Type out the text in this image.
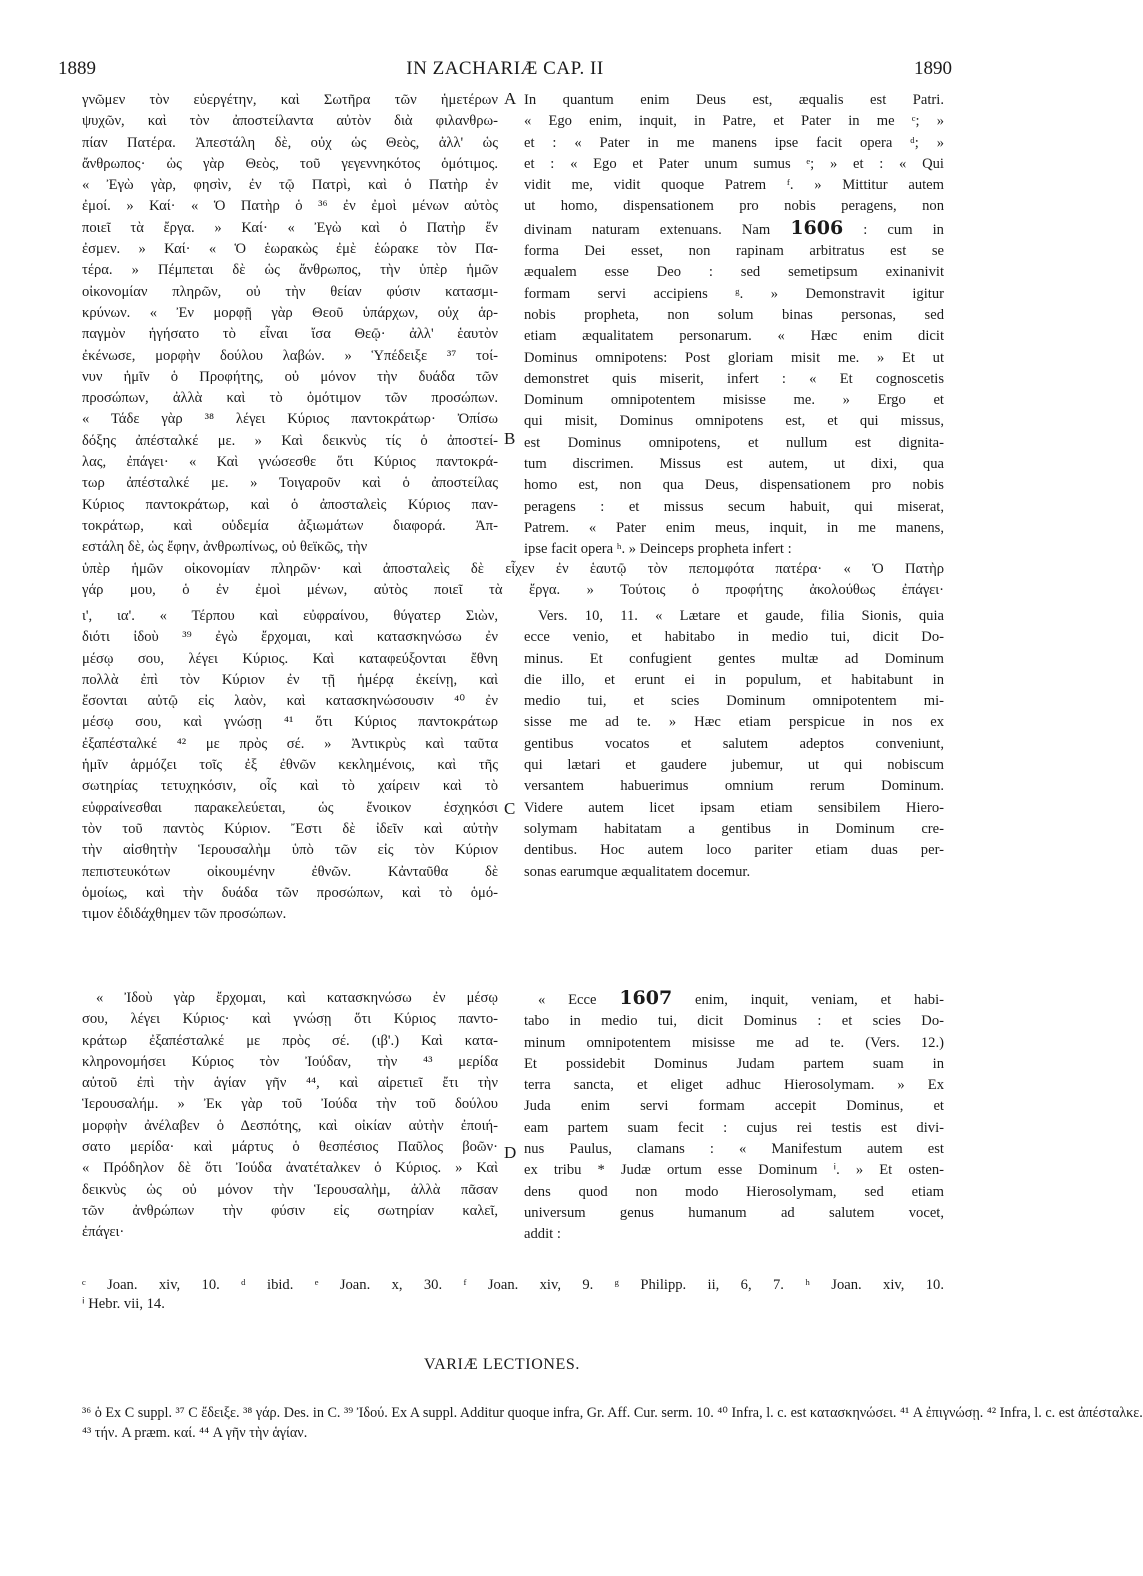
1889	IN ZACHARIÆ CAP. II	1890
A
B
C
D

γνῶμεν τὸν εὐεργέτην, καὶ Σωτῆρα τῶν ἡμετέρων

ψυχῶν, καὶ τὸν ἀποστείλαντα αὐτὸν διὰ φιλανθρω-

πίαν Πατέρα. Ἀπεστάλη δὲ, οὐχ ὡς Θεὸς, ἀλλ' ὡς

ἄνθρωπος· ὡς γὰρ Θεὸς, τοῦ γεγεννηκότος ὁμότιμος.

« Ἐγὼ γὰρ, φησὶν, ἐν τῷ Πατρὶ, καὶ ὁ Πατὴρ ἐν

ἐμοί. » Καί· « Ὁ Πατὴρ ὁ ³⁶ ἐν ἐμοὶ μένων αὐτὸς

ποιεῖ τὰ ἔργα. » Καί· « Ἐγὼ καὶ ὁ Πατὴρ ἕν

ἐσμεν. » Καί· « Ὁ ἑωρακὼς ἐμὲ ἑώρακε τὸν Πα-

τέρα. » Πέμπεται δὲ ὡς ἄνθρωπος, τὴν ὑπὲρ ἡμῶν

οἰκονομίαν πληρῶν, οὐ τὴν θείαν φύσιν κατασμι-

κρύνων. « Ἐν μορφῇ γὰρ Θεοῦ ὑπάρχων, οὐχ ἁρ-

παγμὸν ἡγήσατο τὸ εἶναι ἴσα Θεῷ· ἀλλ' ἑαυτὸν

ἐκένωσε, μορφὴν δούλου λαβών. » Ὑπέδειξε ³⁷ τοί-

νυν ἡμῖν ὁ Προφήτης, οὐ μόνον τὴν δυάδα τῶν

προσώπων, ἀλλὰ καὶ τὸ ὁμότιμον τῶν προσώπων.

« Τάδε γὰρ ³⁸ λέγει Κύριος παντοκράτωρ· Ὀπίσω

δόξης ἀπέσταλκέ με. » Καὶ δεικνὺς τίς ὁ ἀποστεί-

λας, ἐπάγει· « Καὶ γνώσεσθε ὅτι Κύριος παντοκρά-

τωρ ἀπέσταλκέ με. » Τοιγαροῦν καὶ ὁ ἀποστείλας

Κύριος παντοκράτωρ, καὶ ὁ ἀποσταλεὶς Κύριος παν-

τοκράτωρ, καὶ οὐδεμία ἀξιωμάτων διαφορά. Ἀπ-

εστάλη δὲ, ὡς ἔφην, ἀνθρωπίνως, οὐ θεϊκῶς, τὴν

In quantum enim Deus est, æqualis est Patri.

« Ego enim, inquit, in Patre, et Pater in me ᶜ; »

et : « Pater in me manens ipse facit opera ᵈ; »

et : « Ego et Pater unum sumus ᵉ; » et : « Qui

vidit me, vidit quoque Patrem ᶠ. » Mittitur autem

ut homo, dispensationem pro nobis peragens, non

divinam naturam extenuans. Nam 1606 : cum in

forma Dei esset, non rapinam arbitratus est se

æqualem esse Deo : sed semetipsum exinanivit

formam servi accipiens ᵍ. » Demonstravit igitur

nobis propheta, non solum binas personas, sed

etiam æqualitatem personarum. « Hæc enim dicit

Dominus omnipotens: Post gloriam misit me. » Et ut

demonstret quis miserit, infert : « Et cognoscetis

Dominum omnipotentem misisse me. » Ergo et

qui misit, Dominus omnipotens est, et qui missus,

est Dominus omnipotens, et nullum est dignita-

tum discrimen. Missus est autem, ut dixi, qua

homo est, non qua Deus, dispensationem pro nobis

peragens : et missus secum habuit, qui miserat,

Patrem. « Pater enim meus, inquit, in me manens,

ipse facit opera ʰ. » Deinceps propheta infert :

ὑπὲρ ἡμῶν οἰκονομίαν πληρῶν· καὶ ἀποσταλεὶς δὲ εἶχεν ἐν ἑαυτῷ τὸν πεπομφότα πατέρα· « Ὁ Πατὴρ

γάρ μου, ὁ ἐν ἐμοὶ μένων, αὐτὸς ποιεῖ τὰ ἔργα. » Τούτοις ὁ προφήτης ἀκολούθως ἐπάγει·

ι', ια'. « Τέρπου καὶ εὐφραίνου, θύγατερ Σιὼν,

διότι ἰδοὺ ³⁹ ἐγὼ ἔρχομαι, καὶ κατασκηνώσω ἐν

μέσῳ σου, λέγει Κύριος. Καὶ καταφεύξονται ἔθνη

πολλὰ ἐπὶ τὸν Κύριον ἐν τῇ ἡμέρᾳ ἐκείνῃ, καὶ

ἔσονται αὐτῷ εἰς λαὸν, καὶ κατασκηνώσουσιν ⁴⁰ ἐν

μέσῳ σου, καὶ γνώσῃ ⁴¹ ὅτι Κύριος παντοκράτωρ

ἐξαπέσταλκέ ⁴² με πρὸς σέ. » Ἀντικρὺς καὶ ταῦτα

ἡμῖν ἁρμόζει τοῖς ἐξ ἐθνῶν κεκλημένοις, καὶ τῆς

σωτηρίας τετυχηκόσιν, οἷς καὶ τὸ χαίρειν καὶ τὸ

εὐφραίνεσθαι παρακελεύεται, ὡς ἔνοικον ἐσχηκόσι

τὸν τοῦ παντὸς Κύριον. Ἔστι δὲ ἰδεῖν καὶ αὐτὴν

τὴν αἰσθητὴν Ἱερουσαλὴμ ὑπὸ τῶν εἰς τὸν Κύριον

πεπιστευκότων οἰκουμένην ἐθνῶν. Κἀνταῦθα δὲ

ὁμοίως, καὶ τὴν δυάδα τῶν προσώπων, καὶ τὸ ὁμό-

τιμον ἐδιδάχθημεν τῶν προσώπων.

Vers. 10, 11. « Lætare et gaude, filia Sionis, quia

ecce venio, et habitabo in medio tui, dicit Do-

minus. Et confugient gentes multæ ad Dominum

die illo, et erunt ei in populum, et habitabunt in

medio tui, et scies Dominum omnipotentem mi-

sisse me ad te. » Hæc etiam perspicue in nos ex

gentibus vocatos et salutem adeptos conveniunt,

qui lætari et gaudere jubemur, ut qui nobiscum

versantem habuerimus omnium rerum Dominum.

Videre autem licet ipsam etiam sensibilem Hiero-

solymam habitatam a gentibus in Dominum cre-

dentibus. Hoc autem loco pariter etiam duas per-

sonas earumque æqualitatem docemur.

« Ἰδοὺ γὰρ ἔρχομαι, καὶ κατασκηνώσω ἐν μέσῳ

σου, λέγει Κύριος· καὶ γνώσῃ ὅτι Κύριος παντο-

κράτωρ ἐξαπέσταλκέ με πρὸς σέ. (ιβ'.) Καὶ κατα-

κληρονομήσει Κύριος τὸν Ἰούδαν, τὴν ⁴³ μερίδα

αὐτοῦ ἐπὶ τὴν ἁγίαν γῆν ⁴⁴, καὶ αἱρετιεῖ ἔτι τὴν

Ἱερουσαλήμ. » Ἐκ γὰρ τοῦ Ἰούδα τὴν τοῦ δούλου

μορφὴν ἀνέλαβεν ὁ Δεσπότης, καὶ οἰκίαν αὐτὴν ἐποιή-

σατο μερίδα· καὶ μάρτυς ὁ θεσπέσιος Παῦλος βοῶν·

« Πρόδηλον δὲ ὅτι Ἰούδα ἀνατέταλκεν ὁ Κύριος. » Καὶ

δεικνὺς ὡς οὐ μόνον τὴν Ἱερουσαλὴμ, ἀλλὰ πᾶσαν

τῶν ἀνθρώπων τὴν φύσιν εἰς σωτηρίαν καλεῖ,

ἐπάγει·

« Ecce 1607 enim, inquit, veniam, et habi-

tabo in medio tui, dicit Dominus : et scies Do-

minum omnipotentem misisse me ad te. (Vers. 12.)

Et possidebit Dominus Judam partem suam in

terra sancta, et eliget adhuc Hierosolymam. » Ex

Juda enim servi formam accepit Dominus, et

eam partem suam fecit : cujus rei testis est divi-

nus Paulus, clamans : « Manifestum autem est

ex tribu * Judæ ortum esse Dominum ⁱ. » Et osten-

dens quod non modo Hierosolymam, sed etiam

universum genus humanum ad salutem vocet,

addit :

ᶜ Joan. xiv, 10. ᵈ ibid. ᵉ Joan. x, 30. ᶠ Joan. xiv, 9. ᵍ Philipp. ii, 6, 7. ʰ Joan. xiv, 10.

ⁱ Hebr. vii, 14.

VARIÆ LECTIONES.

³⁶ ὁ Ex C suppl. ³⁷ C ἔδειξε. ³⁸ γάρ. Des. in C. ³⁹ Ἰδού. Ex A suppl. Additur quoque infra, Gr. Aff. Cur. serm. 10. ⁴⁰ Infra, l. c. est κατασκηνώσει. ⁴¹ A ἐπιγνώσῃ. ⁴² Infra, l. c. est ἀπέσταλκε.

⁴³ τήν. A præm. καί. ⁴⁴ A γῆν τὴν ἁγίαν.
